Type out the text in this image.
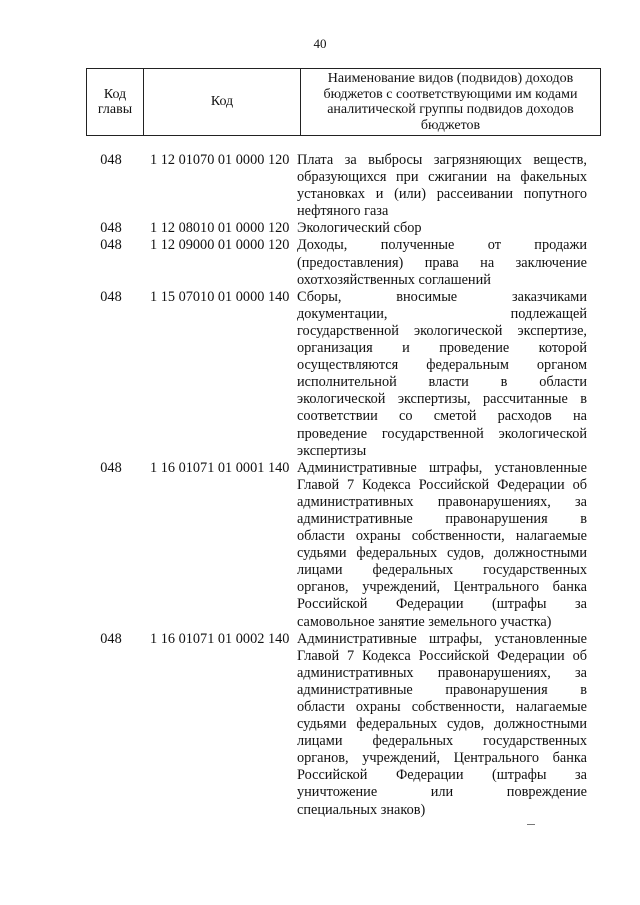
40
Код
главы	Код	Наименование видов (подвидов) доходов бюджетов с соответствующими им кодами аналитической группы подвидов доходов бюджетов
048	1 12 01070 01 0000 120 Плата за выбросы загрязняющих веществ,
образующихся при сжигании на факельных
установках и (или) рассеивании попутного
нефтяного газа
048	1 12 08010 01 0000 120 Экологический сбор
048	1 12 09000 01 0000 120 Доходы, полученные от продажи
(предоставления) права на заключение
охотхозяйственных соглашений
048	1 15 07010 01 0000 140 Сборы, вносимые заказчиками
документации, подлежащей
государственной экологической экспертизе,
организация и проведение которой
осуществляются федеральным органом
исполнительной власти в области
экологической экспертизы, рассчитанные в
соответствии со сметой расходов на
проведение государственной экологической
экспертизы
048	1 16 01071 01 0001 140 Административные штрафы, установленные
Главой 7 Кодекса Российской Федерации об
административных правонарушениях, за
административные правонарушения в
области охраны собственности, налагаемые
судьями федеральных судов, должностными
лицами федеральных государственных
органов, учреждений, Центрального банка
Российской Федерации (штрафы за
самовольное занятие земельного участка)
048	1 16 01071 01 0002 140 Административные штрафы, установленные
Главой 7 Кодекса Российской Федерации об
административных правонарушениях, за
административные правонарушения в
области охраны собственности, налагаемые
судьями федеральных судов, должностными
лицами федеральных государственных
органов, учреждений, Центрального банка
Российской Федерации (штрафы за
уничтожение или повреждение
специальных знаков)
